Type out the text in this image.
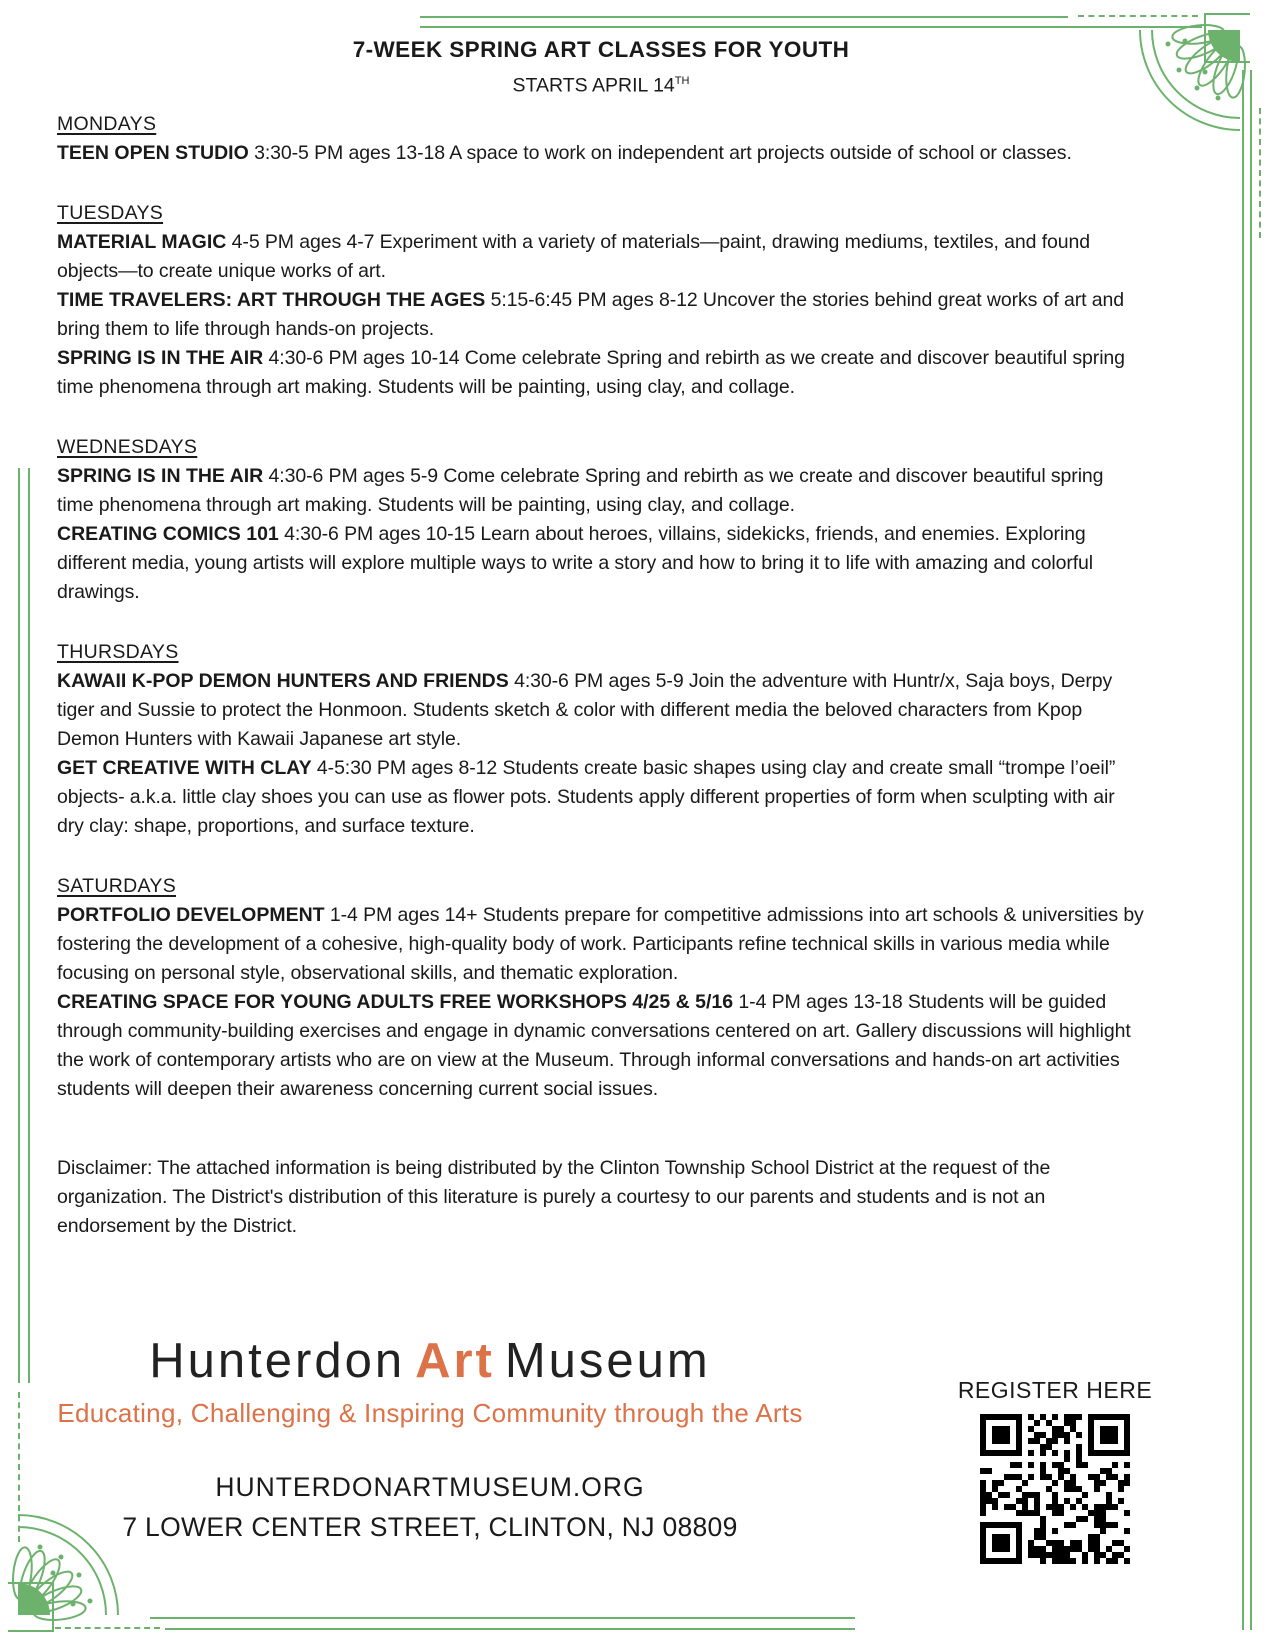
7-WEEK SPRING ART CLASSES FOR YOUTH
STARTS APRIL 14TH
MONDAYS

TEEN OPEN STUDIO 3:30-5 PM ages 13-18 A space to work on independent art projects outside of school or classes.

TUESDAYS

MATERIAL MAGIC 4-5 PM ages 4-7 Experiment with a variety of materials—paint, drawing mediums, textiles, and found objects—to create unique works of art.

TIME TRAVELERS: ART THROUGH THE AGES 5:15-6:45 PM ages 8-12 Uncover the stories behind great works of art and bring them to life through hands-on projects.

SPRING IS IN THE AIR 4:30-6 PM ages 10-14 Come celebrate Spring and rebirth as we create and discover beautiful spring time phenomena through art making. Students will be painting, using clay, and collage.

WEDNESDAYS

SPRING IS IN THE AIR 4:30-6 PM ages 5-9 Come celebrate Spring and rebirth as we create and discover beautiful spring time phenomena through art making. Students will be painting, using clay, and collage.

CREATING COMICS 101 4:30-6 PM ages 10-15 Learn about heroes, villains, sidekicks, friends, and enemies. Exploring different media, young artists will explore multiple ways to write a story and how to bring it to life with amazing and colorful drawings.

THURSDAYS

KAWAII K-POP DEMON HUNTERS AND FRIENDS 4:30-6 PM ages 5-9 Join the adventure with Huntr/x, Saja boys, Derpy tiger and Sussie to protect the Honmoon. Students sketch & color with different media the beloved characters from Kpop Demon Hunters with Kawaii Japanese art style.

GET CREATIVE WITH CLAY 4-5:30 PM ages 8-12 Students create basic shapes using clay and create small “trompe l’oeil” objects- a.k.a. little clay shoes you can use as flower pots. Students apply different properties of form when sculpting with air dry clay: shape, proportions, and surface texture.

SATURDAYS

PORTFOLIO DEVELOPMENT 1-4 PM ages 14+ Students prepare for competitive admissions into art schools & universities by fostering the development of a cohesive, high-quality body of work. Participants refine technical skills in various media while focusing on personal style, observational skills, and thematic exploration.

CREATING SPACE FOR YOUNG ADULTS FREE WORKSHOPS 4/25 & 5/16 1-4 PM ages 13-18 Students will be guided through community-building exercises and engage in dynamic conversations centered on art. Gallery discussions will highlight the work of contemporary artists who are on view at the Museum. Through informal conversations and hands-on art activities students will deepen their awareness concerning current social issues.

Disclaimer: The attached information is being distributed by the Clinton Township School District at the request of the organization. The District's distribution of this literature is purely a courtesy to our parents and students and is not an endorsement by the District.

Hunterdon Art Museum
Educating, Challenging & Inspiring Community through the Arts
HUNTERDONARTMUSEUM.ORG
7 LOWER CENTER STREET, CLINTON, NJ 08809
REGISTER HERE
